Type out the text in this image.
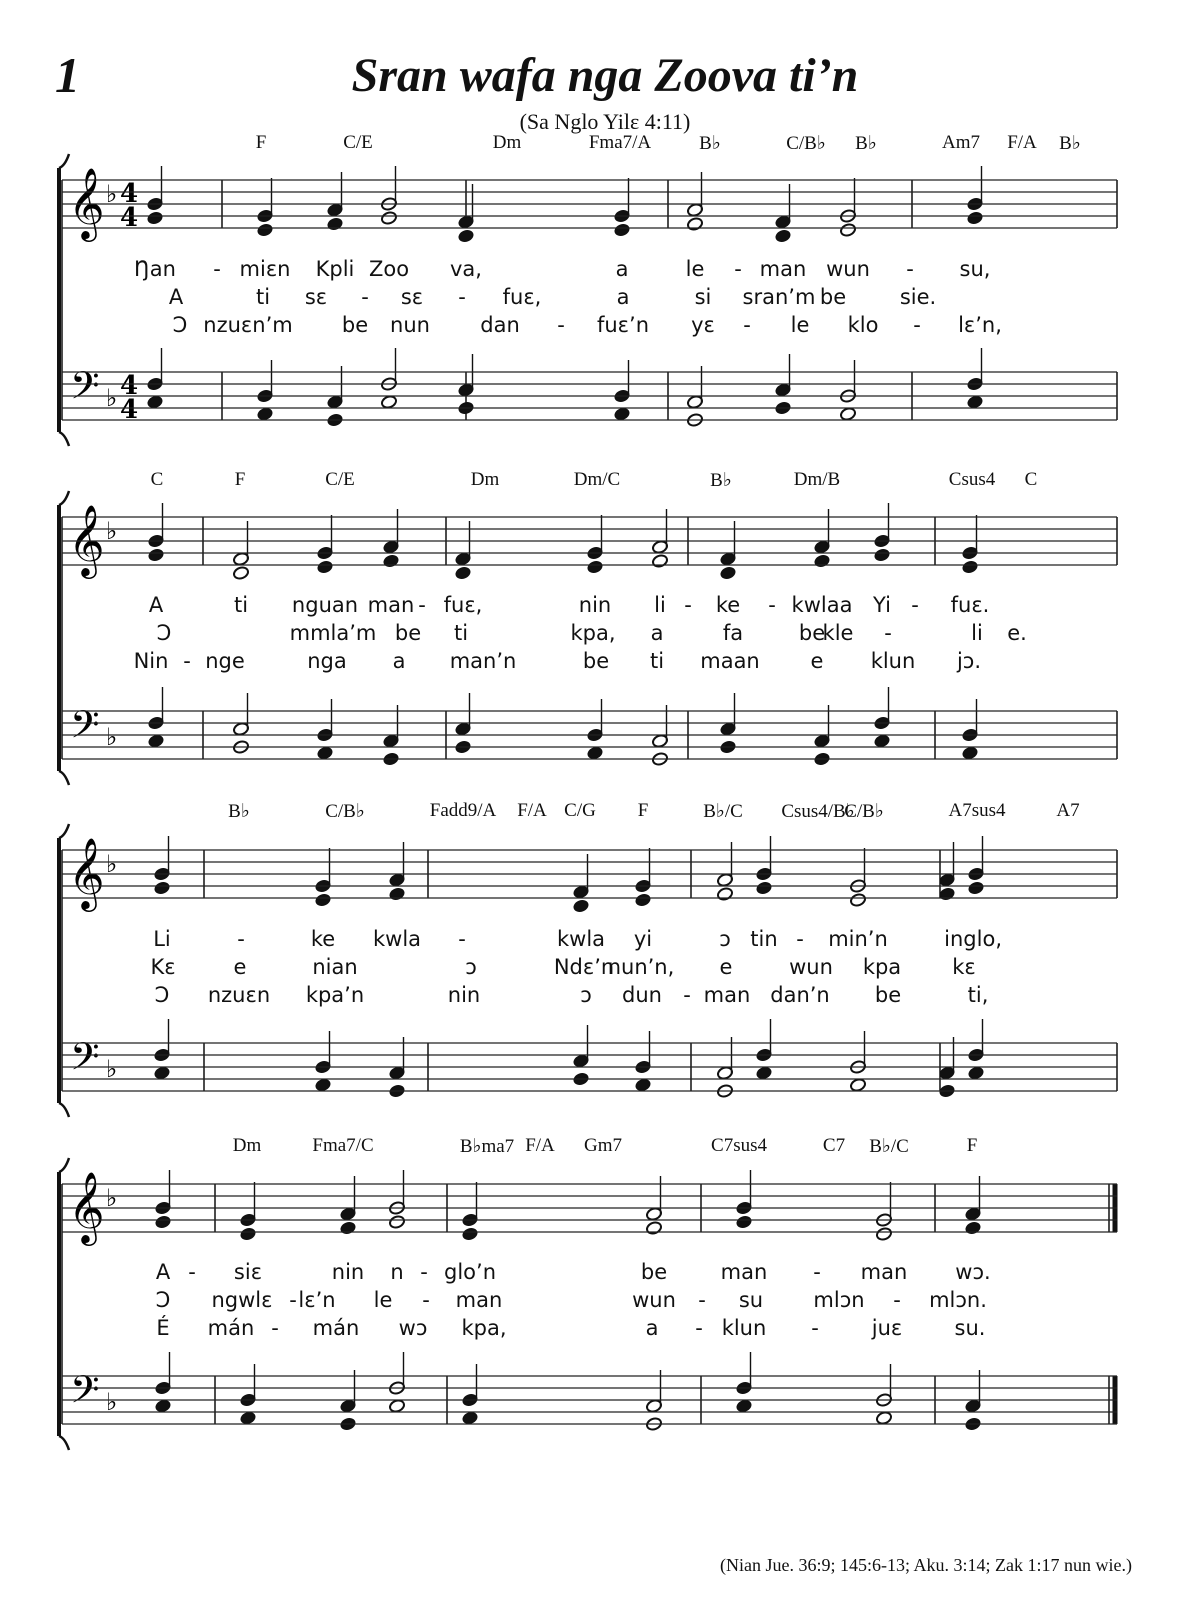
1	Sran wafa nga Zoova ti’n
(Sa Nglo Yilɛ 4:11)
𝄞
𝄢
♭
♭
4
4
4
4
𝄞
𝄢
♭
♭
𝄞
𝄢
♭
♭
𝄞
𝄢
♭
♭
F	C/E	Dm	Fma7/A	B♭	C/B♭ B♭	Am7 F/A B♭
Ŋan - miɛn Kpli Zoo va,	a	le - man wun - su,
A	ti sɛ - sɛ - fuɛ,	a	si sran’m be	sie.
Ɔ nzuɛn’m be nun dan - fuɛ’n yɛ - le klo - lɛ’n,
C	F	C/E	Dm	Dm/C	B♭	Dm/B	Csus4 C
A	ti nguan man - fuɛ,	nin li - ke - kwlaa Yi - fuɛ.
Ɔ	mmla’m be ti	kpa, a	fa	be
kle -	li e.
Nin - nge	nga a man’n	be ti maan e klun jɔ.
B♭	C/B♭	Fadd9/A F/A C/G F	B♭/C Csus4/B♭
C/B♭	A7sus4	A7
Li	-	ke kwla -	kwla yi	ɔ tin - min’n	i nglo,
Kɛ	e	nian	ɔ	Ndɛ’n
nun’n, e	wun kpa kɛ
Ɔ nzuɛn kpa’n	nin	ɔ dun - man dan’n be	ti,
Dm	Fma7/C	B♭ma7 F/A Gm7	C7sus4	C7 B♭/C	F
A - siɛ	nin n - glo’n	be	man - man wɔ.
Ɔ ngwlɛ - lɛ’n le - man	wun - su mlɔn - mlɔn.
É mán - mán wɔ kpa,	a - klun -	juɛ su.
(Nian Jue. 36:9; 145:6-13; Aku. 3:14; Zak 1:17 nun wie.)
